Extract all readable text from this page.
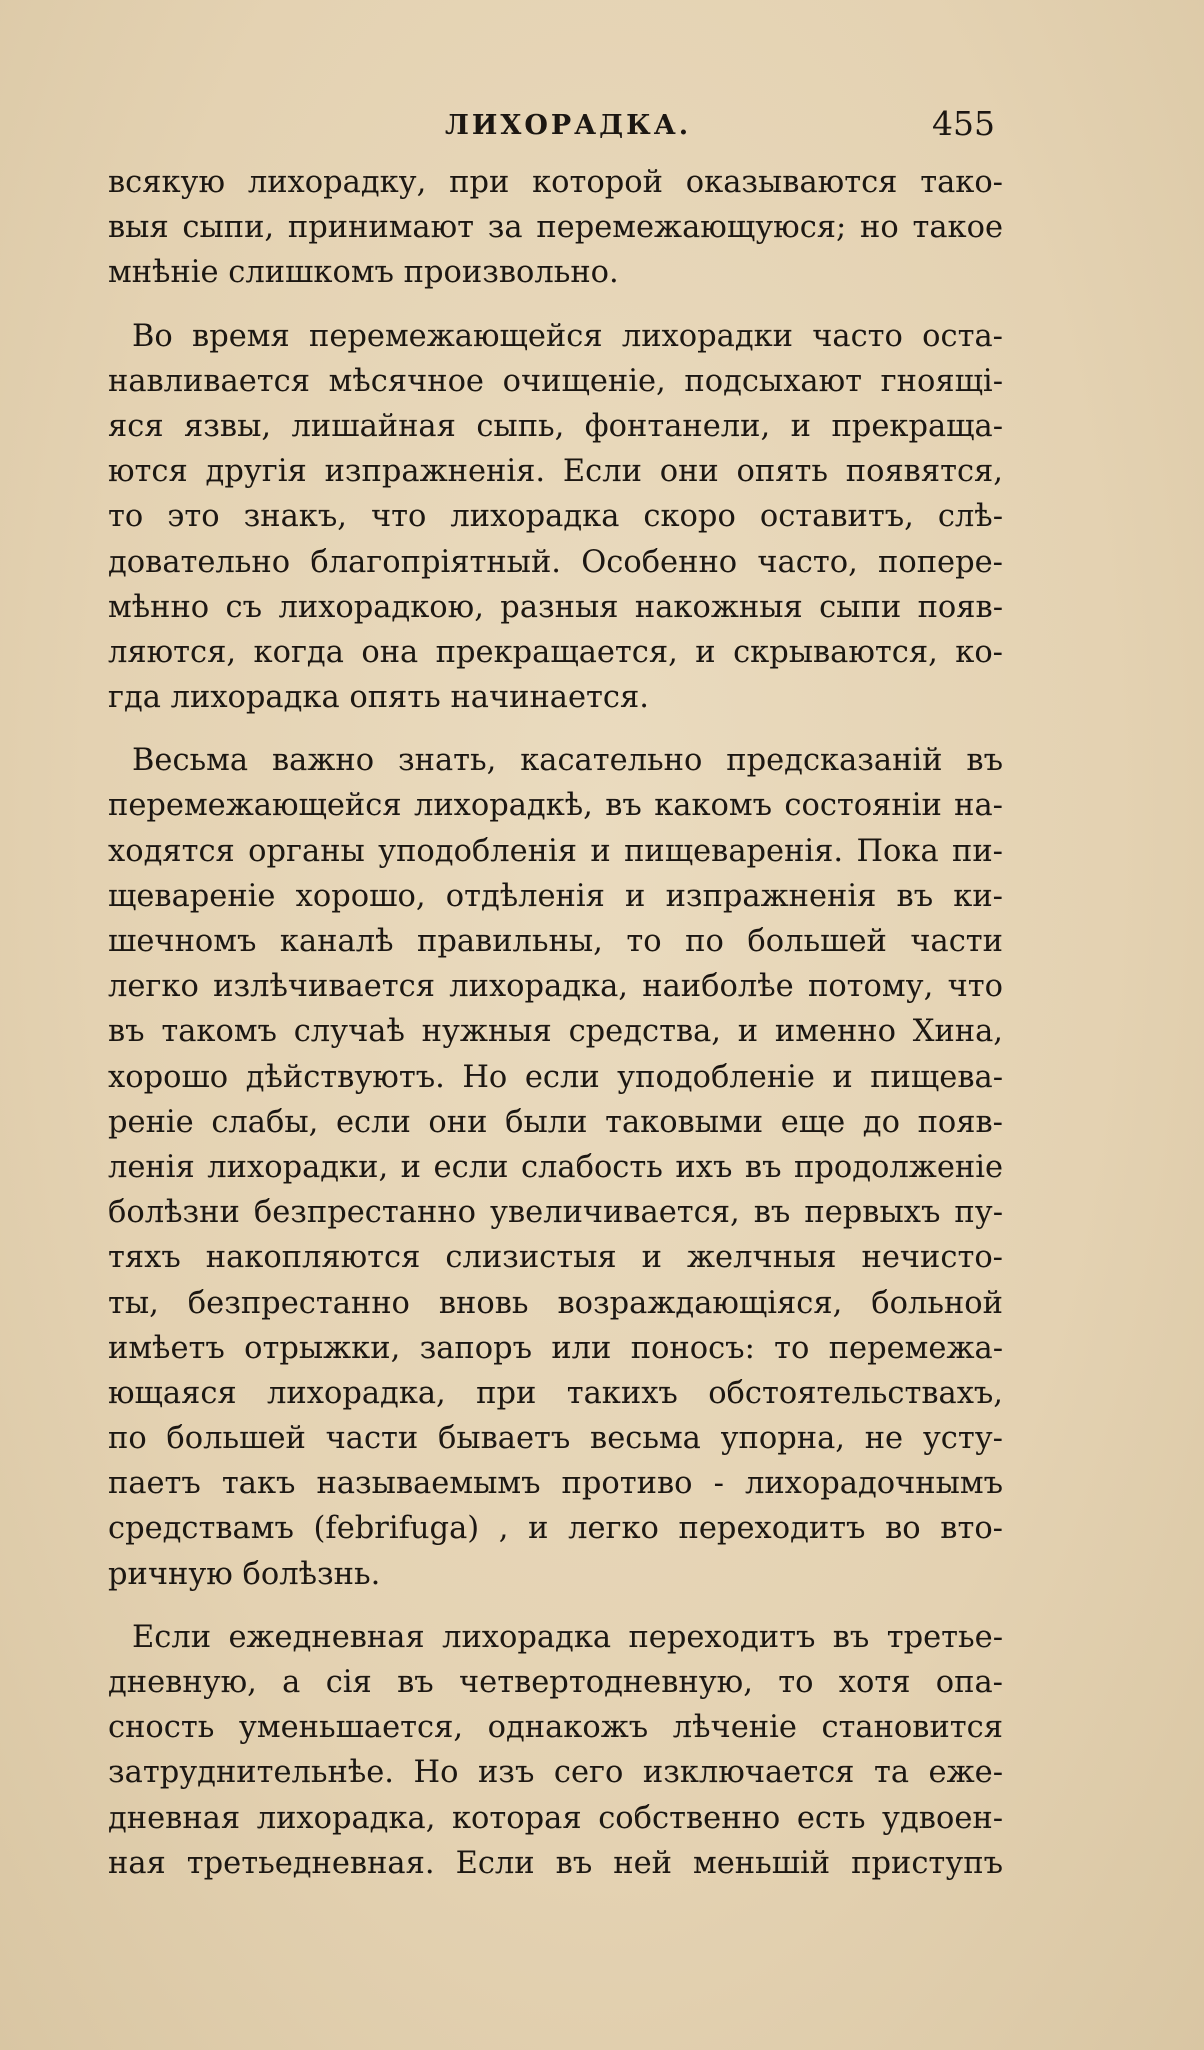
ЛИХОРАДКА.	455
всякую лихорадку, при которой оказываются тако-
выя сыпи, принимают за перемежающуюся; но такое
мнѣніе слишкомъ произвольно.
Во время перемежающейся лихорадки часто оста-
навливается мѣсячное очищеніе, подсыхают гноящі-
яся язвы, лишайная сыпь, фонтанели, и прекраща-
ются другія изпражненія. Если они опять появятся,
то это знакъ, что лихорадка скоро оставитъ, слѣ-
довательно благопріятный. Особенно часто, попере-
мѣнно съ лихорадкою, разныя накожныя сыпи появ-
ляются, когда она прекращается, и скрываются, ко-
гда лихорадка опять начинается.
Весьма важно знать, касательно предсказаній въ
перемежающейся лихорадкѣ, въ какомъ состояніи на-
ходятся органы уподобленія и пищеваренія. Пока пи-
щевареніе хорошо, отдѣленія и изпражненія въ ки-
шечномъ каналѣ правильны, то по большей части
легко излѣчивается лихорадка, наиболѣе потому, что
въ такомъ случаѣ нужныя средства, и именно Хина,
хорошо дѣйствуютъ. Но если уподобленіе и пищева-
реніе слабы, если они были таковыми еще до появ-
ленія лихорадки, и если слабость ихъ въ продолженіе
болѣзни безпрестанно увеличивается, въ первыхъ пу-
тяхъ накопляются слизистыя и желчныя нечисто-
ты, безпрестанно вновь возраждающіяся, больной
имѣетъ отрыжки, запоръ или поносъ: то перемежа-
ющаяся лихорадка, при такихъ обстоятельствахъ,
по большей части бываетъ весьма упорна, не усту-
паетъ такъ называемымъ противо - лихорадочнымъ
средствамъ (febrifuga) , и легко переходитъ во вто-
ричную болѣзнь.
Если ежедневная лихорадка переходитъ въ третье-
дневную, а сія въ четвертодневную, то хотя опа-
сность уменьшается, однакожъ лѣченіе становится
затруднительнѣе. Но изъ сего изключается та еже-
дневная лихорадка, которая собственно есть удвоен-
ная третьедневная. Если въ ней меньшій приступъ
